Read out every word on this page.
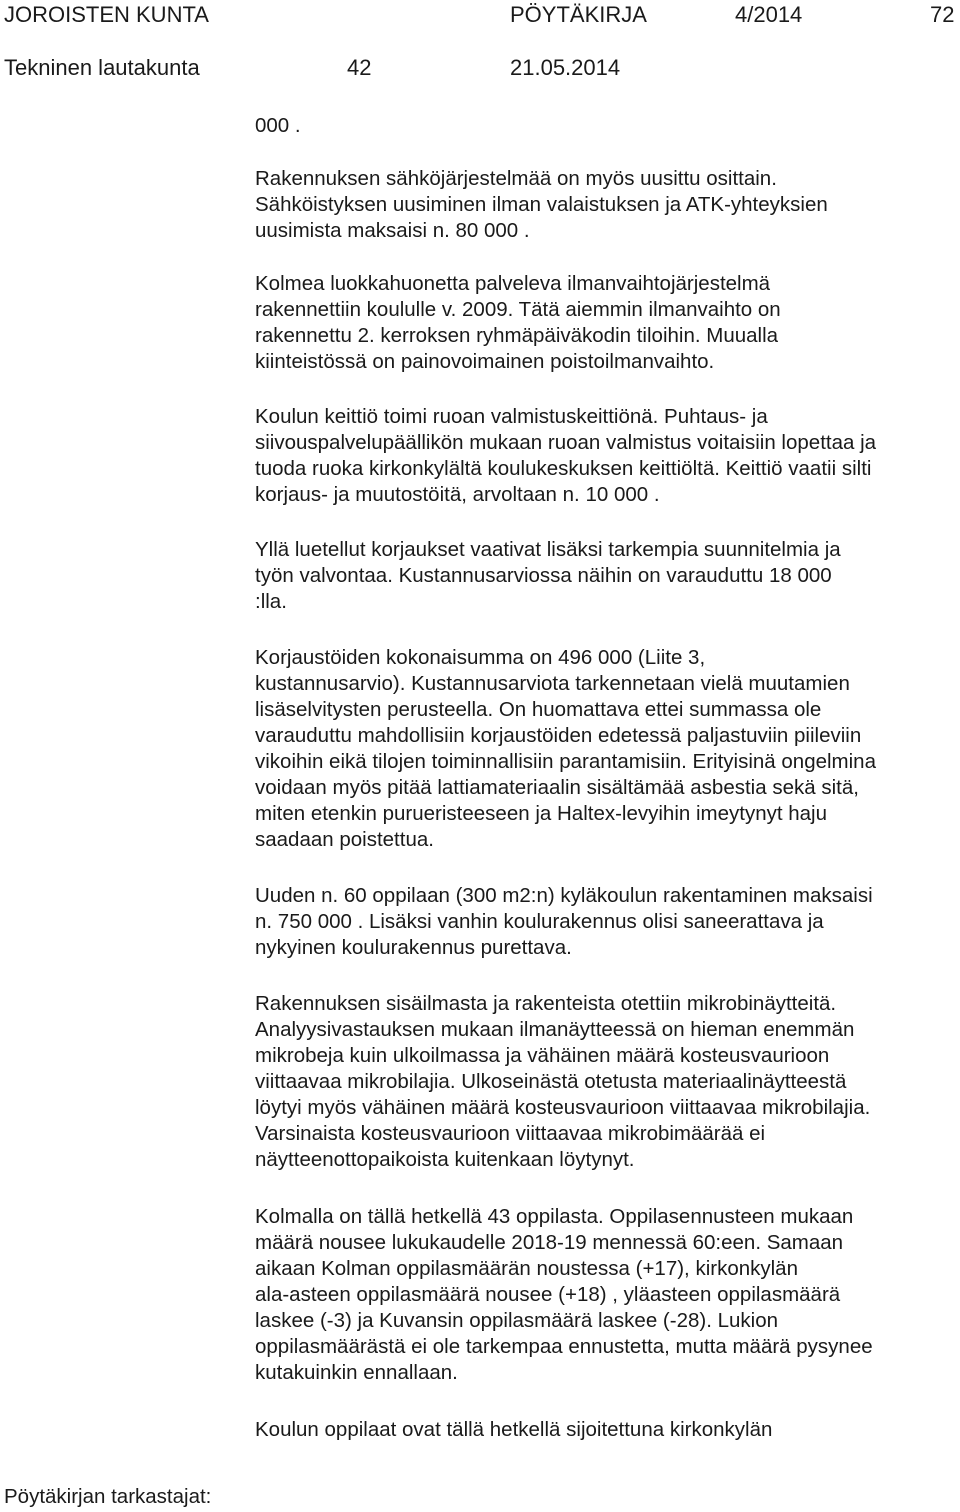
JOROISTEN KUNTA	PÖYTÄKIRJA	4/2014	72
Tekninen lautakunta	42	21.05.2014
000 .
Rakennuksen sähköjärjestelmää on myös uusittu osittain.
Sähköistyksen uusiminen ilman valaistuksen ja ATK-yhteyksien
uusimista maksaisi n. 80 000 .
Kolmea luokkahuonetta palveleva ilmanvaihtojärjestelmä
rakennettiin koululle v. 2009. Tätä aiemmin ilmanvaihto on
rakennettu 2. kerroksen ryhmäpäiväkodin tiloihin. Muualla
kiinteistössä on painovoimainen poistoilmanvaihto.
Koulun keittiö toimi ruoan valmistuskeittiönä. Puhtaus- ja
siivouspalvelupäällikön mukaan ruoan valmistus voitaisiin lopettaa ja
tuoda ruoka kirkonkylältä koulukeskuksen keittiöltä. Keittiö vaatii silti
korjaus- ja muutostöitä, arvoltaan n. 10 000 .
Yllä luetellut korjaukset vaativat lisäksi tarkempia suunnitelmia ja
työn valvontaa. Kustannusarviossa näihin on varauduttu 18 000
:lla.
Korjaustöiden kokonaisumma on 496 000 (Liite 3,
kustannusarvio). Kustannusarviota tarkennetaan vielä muutamien
lisäselvitysten perusteella. On huomattava ettei summassa ole
varauduttu mahdollisiin korjaustöiden edetessä paljastuviin piileviin
vikoihin eikä tilojen toiminnallisiin parantamisiin. Erityisinä ongelmina
voidaan myös pitää lattiamateriaalin sisältämää asbestia sekä sitä,
miten etenkin purueristeeseen ja Haltex-levyihin imeytynyt haju
saadaan poistettua.
Uuden n. 60 oppilaan (300 m2:n) kyläkoulun rakentaminen maksaisi
n. 750 000 . Lisäksi vanhin koulurakennus olisi saneerattava ja
nykyinen koulurakennus purettava.
Rakennuksen sisäilmasta ja rakenteista otettiin mikrobinäytteitä.
Analyysivastauksen mukaan ilmanäytteessä on hieman enemmän
mikrobeja kuin ulkoilmassa ja vähäinen määrä kosteusvaurioon
viittaavaa mikrobilajia. Ulkoseinästä otetusta materiaalinäytteestä
löytyi myös vähäinen määrä kosteusvaurioon viittaavaa mikrobilajia.
Varsinaista kosteusvaurioon viittaavaa mikrobimäärää ei
näytteenottopaikoista kuitenkaan löytynyt.
Kolmalla on tällä hetkellä 43 oppilasta. Oppilasennusteen mukaan
määrä nousee lukukaudelle 2018-19 mennessä 60:een. Samaan
aikaan Kolman oppilasmäärän noustessa (+17), kirkonkylän
ala-asteen oppilasmäärä nousee (+18) , yläasteen oppilasmäärä
laskee (-3) ja Kuvansin oppilasmäärä laskee (-28). Lukion
oppilasmäärästä ei ole tarkempaa ennustetta, mutta määrä pysynee
kutakuinkin ennallaan.
Koulun oppilaat ovat tällä hetkellä sijoitettuna kirkonkylän
Pöytäkirjan tarkastajat:
